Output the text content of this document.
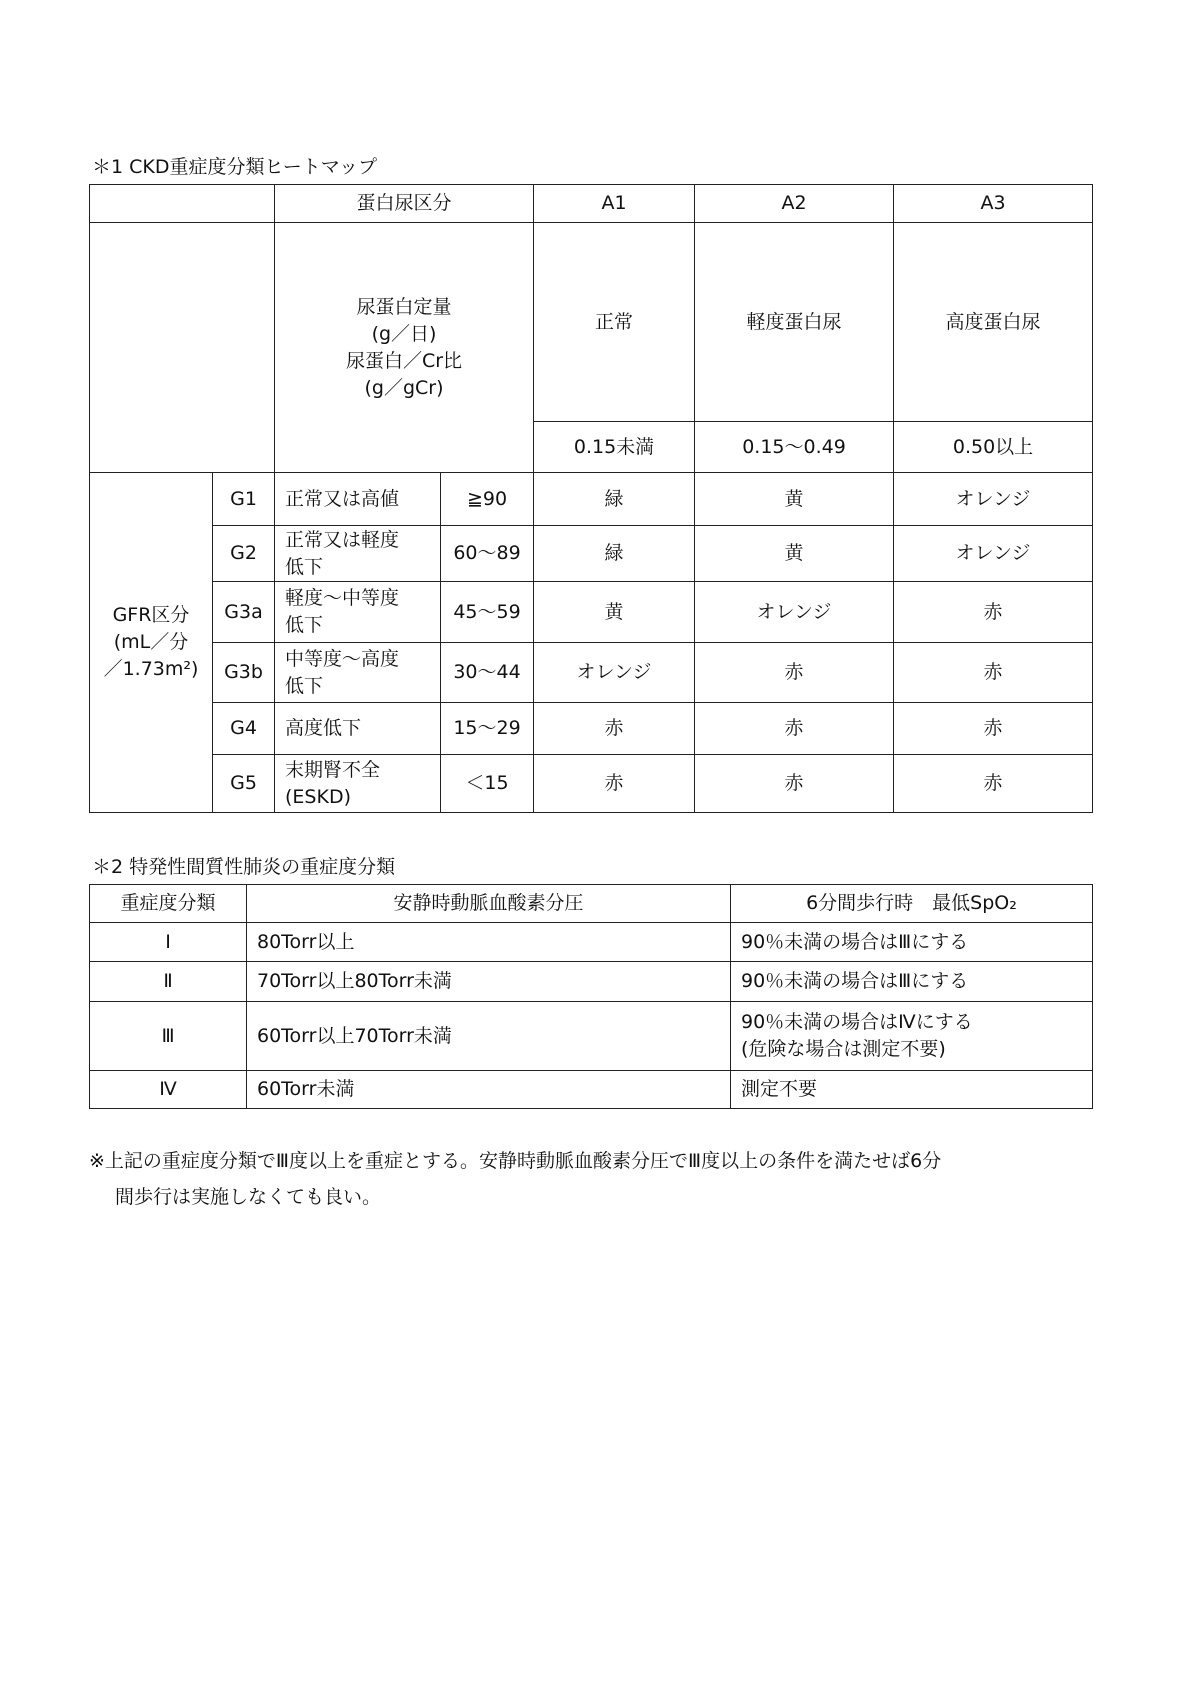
＊1 CKD重症度分類ヒートマップ
		蛋白尿区分		A1	A2	A3

		尿蛋白定量
(g／日)
尿蛋白／Cr比
(g／gCr)		正常	軽度蛋白尿	高度蛋白尿
				0.15未満	0.15～0.49	0.50以上

GFR区分
(mL／分
／1.73m²)	G1	正常又は高値	≧90	緑	黄	オレンジ
	G2	正常又は軽度
低下	60～89	緑	黄	オレンジ
	G3a	軽度～中等度
低下	45～59	黄	オレンジ	赤
	G3b	中等度～高度
低下	30～44	オレンジ	赤	赤
	G4	高度低下	15～29	赤	赤	赤
	G5	末期腎不全
(ESKD)	＜15	赤	赤	赤
＊2 特発性間質性肺炎の重症度分類
重症度分類	安静時動脈血酸素分圧	6分間歩行時　最低SpO₂
Ⅰ	80Torr以上	90％未満の場合はⅢにする

Ⅱ	70Torr以上80Torr未満	90％未満の場合はⅢにする

Ⅲ	60Torr以上70Torr未満	90％未満の場合はⅣにする
(危険な場合は測定不要)

Ⅳ	60Torr未満	測定不要
※上記の重症度分類でⅢ度以上を重症とする。安静時動脈血酸素分圧でⅢ度以上の条件を満たせば6分
間歩行は実施しなくても良い。
